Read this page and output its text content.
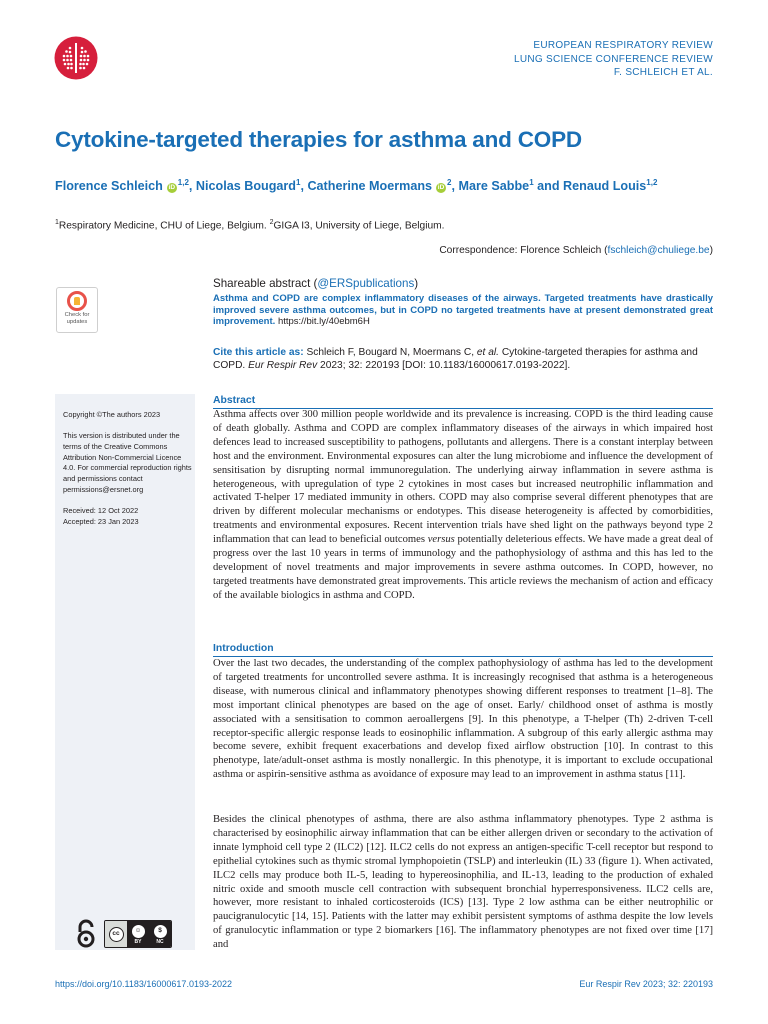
EUROPEAN RESPIRATORY REVIEW
LUNG SCIENCE CONFERENCE REVIEW
F. SCHLEICH ET AL.
Cytokine-targeted therapies for asthma and COPD
Florence Schleich iD$^{1,2}$, Nicolas Bougard$^1$, Catherine Moermans $iD^2$, Mare Sabbe$^1$ and Renaud Louis$^{1,2}$
$^1$Respiratory Medicine, CHU of Liege, Belgium. $^2$GIGA I3, University of Liege, Belgium.
Correspondence: Florence Schleich (fschleich@chuliege.be)
Check for
updates
Shareable abstract (@ERSpublications)
Asthma and COPD are complex inflammatory diseases of the airways. Targeted treatments have drastically improved severe asthma outcomes, but in COPD no targeted treatments have at present demonstrated great improvement. https://bit.ly/40ebm6H
Cite this article as: Schleich F, Bougard N, Moermans C, et al. Cytokine-targeted therapies for asthma and COPD. Eur Respir Rev 2023; 32: 220193 [DOI: 10.1183/16000617.0193-2022].

Copyright ©The authors 2023

This version is distributed under the terms of the Creative Commons Attribution Non-Commercial Licence 4.0. For commercial reproduction rights and permissions contact permissions@ersnet.org

Received: 12 Oct 2022
Accepted: 23 Jan 2023
cc	☺
BY
$
NC
Abstract
Asthma affects over 300 million people worldwide and its prevalence is increasing. COPD is the third leading cause of death globally. Asthma and COPD are complex inflammatory diseases of the airways in which impaired host defences lead to increased susceptibility to pathogens, pollutants and allergens. There is a constant interplay between host and the environment. Environmental exposures can alter the lung microbiome and influence the development of sensitisation by disrupting normal immunoregulation. The underlying airway inflammation in severe asthma is heterogeneous, with upregulation of type 2 cytokines in most cases but increased neutrophilic inflammation and activated T-helper 17 mediated immunity in others. COPD may also comprise several different phenotypes that are driven by different molecular mechanisms or endotypes. This disease heterogeneity is affected by comorbidities, treatments and environmental exposures. Recent intervention trials have shed light on the pathways beyond type 2 inflammation that can lead to beneficial outcomes versus potentially deleterious effects. We have made a great deal of progress over the last 10 years in terms of immunology and the pathophysiology of asthma and this has led to the development of novel treatments and major improvements in severe asthma outcomes. In COPD, however, no targeted treatments have demonstrated great improvements. This article reviews the mechanism of action and efficacy of the available biologics in asthma and COPD.
Introduction
Over the last two decades, the understanding of the complex pathophysiology of asthma has led to the development of targeted treatments for uncontrolled severe asthma. It is increasingly recognised that asthma is a heterogeneous disease, with numerous clinical and inflammatory phenotypes showing different responses to treatment [1–8]. The most important clinical phenotypes are based on the age of onset. Early/ childhood onset of asthma is mostly associated with a sensitisation to common aeroallergens [9]. In this phenotype, a T-helper (Th) 2-driven T-cell receptor-specific allergic response leads to eosinophilic inflammation. A subgroup of this early allergic asthma may become severe, exhibit frequent exacerbations and develop fixed airflow obstruction [10]. In contrast to this phenotype, late/adult-onset asthma is mostly nonallergic. In this phenotype, it is important to exclude occupational asthma or aspirin-sensitive asthma as avoidance of exposure may lead to an improvement in asthma status [11].
Besides the clinical phenotypes of asthma, there are also asthma inflammatory phenotypes. Type 2 asthma is characterised by eosinophilic airway inflammation that can be either allergen driven or secondary to the activation of innate lymphoid cell type 2 (ILC2) [12]. ILC2 cells do not express an antigen-specific T-cell receptor but respond to epithelial cytokines such as thymic stromal lymphopoietin (TSLP) and interleukin (IL) 33 (figure 1). When activated, ILC2 cells may produce both IL-5, leading to hypereosinophilia, and IL-13, leading to the production of exhaled nitric oxide and smooth muscle cell contraction with subsequent bronchial hyperresponsiveness. ILC2 cells are, however, more resistant to inhaled corticosteroids (ICS) [13]. Type 2 low asthma can be either neutrophilic or paucigranulocytic [14, 15]. Patients with the latter may exhibit persistent symptoms of asthma despite the low levels of granulocytic inflammation or type 2 biomarkers [16]. The inflammatory phenotypes are not fixed over time [17] and
https://doi.org/10.1183/16000617.0193-2022	Eur Respir Rev 2023; 32: 220193
